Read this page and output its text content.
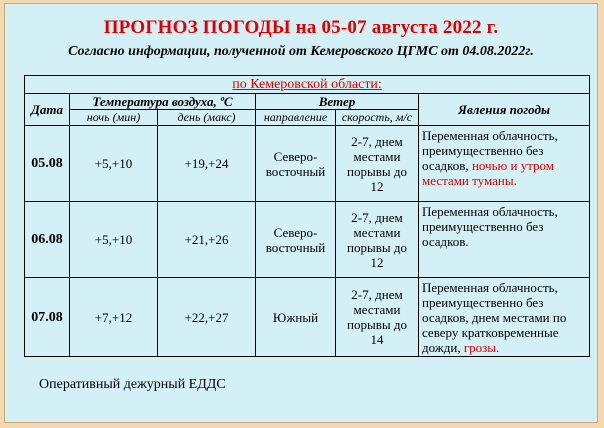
ПРОГНОЗ ПОГОДЫ на 05-07 августа 2022 г.
Согласно информации, полученной от Кемеровского ЦГМС от 04.08.2022г.
по Кемеровской области:					
Дата	Температура воздуха, ºС		Ветер		Явления погоды
	ночь (мин)	день (макс)	направление	скорость, м/с	
05.08	+5,+10	+19,+24	Северо-восточный	2-7, днем местами порывы до 12	Переменная облачность, преимущественно без осадков, ночью и утром местами туманы.
06.08	+5,+10	+21,+26	Северо-восточный	2-7, днем местами порывы до 12	Переменная облачность, преимущественно без осадков.
07.08	+7,+12	+22,+27	Южный	2-7, днем местами порывы до 14	Переменная облачность, преимущественно без осадков, днем местами по северу кратковременные дожди, грозы.
Оперативный дежурный ЕДДС
